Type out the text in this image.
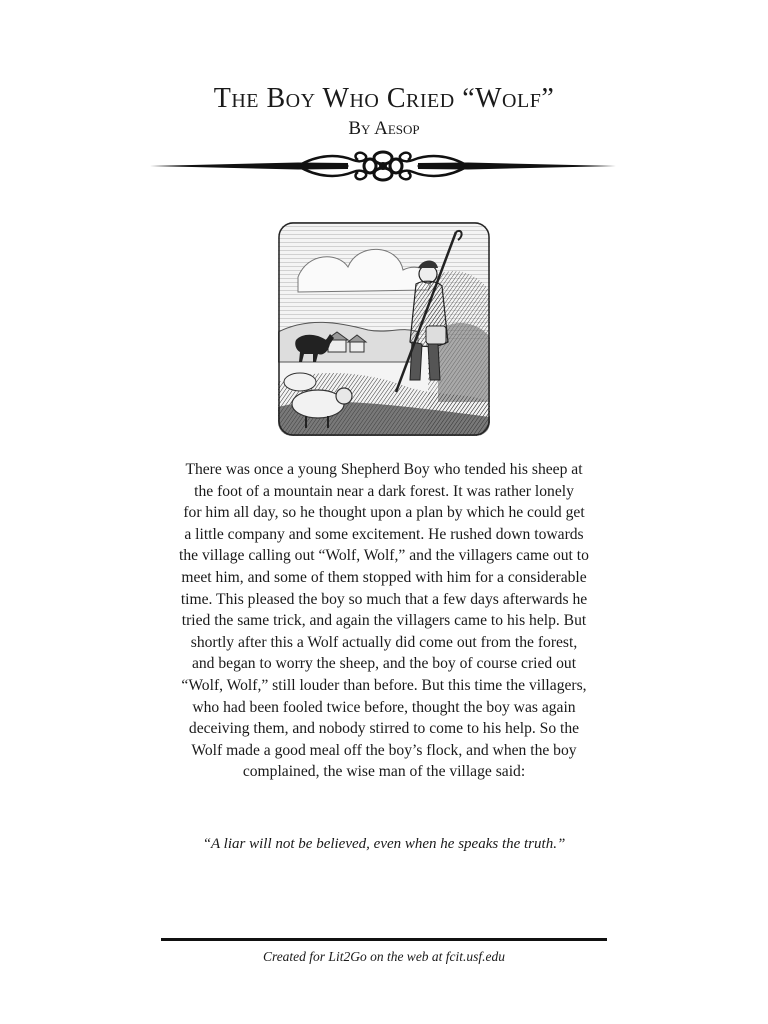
The Boy Who Cried “Wolf”
By Aesop

There was once a young Shepherd Boy who tended his sheep at
the foot of a mountain near a dark forest. It was rather lonely
for him all day, so he thought upon a plan by which he could get
a little company and some excitement. He rushed down towards
the village calling out “Wolf, Wolf,” and the villagers came out to
meet him, and some of them stopped with him for a considerable
time. This pleased the boy so much that a few days afterwards he
tried the same trick, and again the villagers came to his help. But
shortly after this a Wolf actually did come out from the forest,
and began to worry the sheep, and the boy of course cried out
“Wolf, Wolf,” still louder than before. But this time the villagers,
who had been fooled twice before, thought the boy was again
deceiving them, and nobody stirred to come to his help. So the
Wolf made a good meal off the boy’s flock, and when the boy
complained, the wise man of the village said:

“A liar will not be believed, even when he speaks the truth.”

Created for Lit2Go on the web at fcit.usf.edu
